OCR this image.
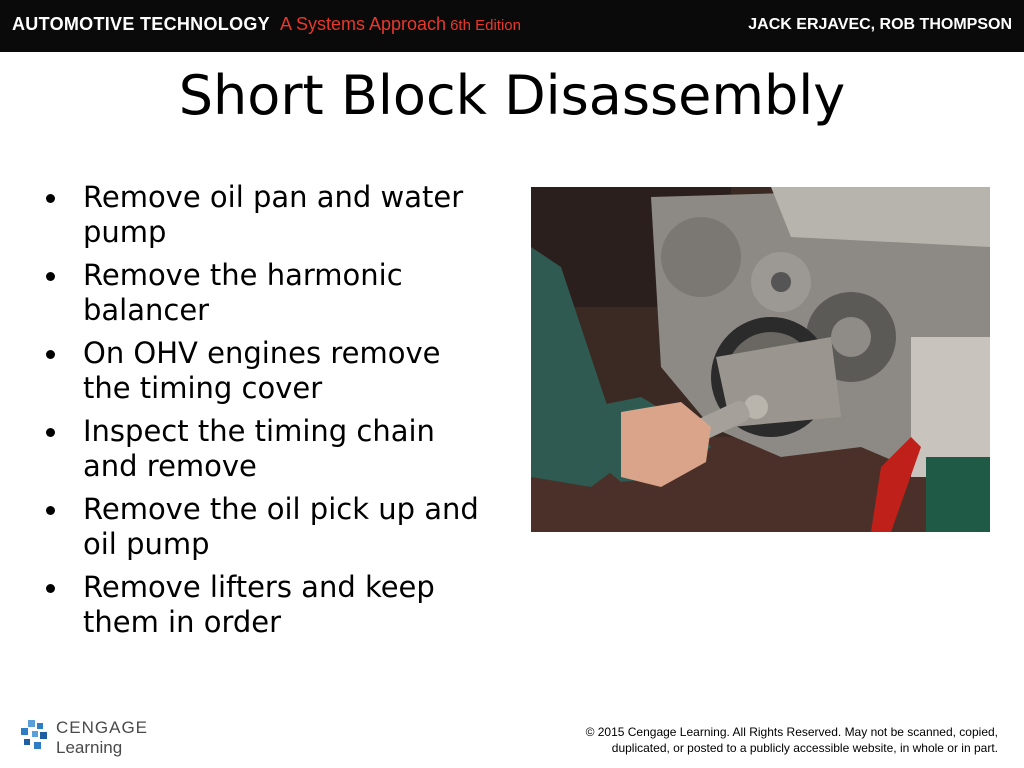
AUTOMOTIVE TECHNOLOGY A Systems Approach 6th Edition	JACK ERJAVEC, ROB THOMPSON
Short Block Disassembly
Remove oil pan and water pump
Remove the harmonic balancer
On OHV engines remove the timing cover
Inspect the timing chain and remove
Remove the oil pick up and oil pump
Remove lifters and keep them in order
CENGAGE
Learning
© 2015 Cengage Learning. All Rights Reserved. May not be scanned, copied,
duplicated, or posted to a publicly accessible website, in whole or in part.
